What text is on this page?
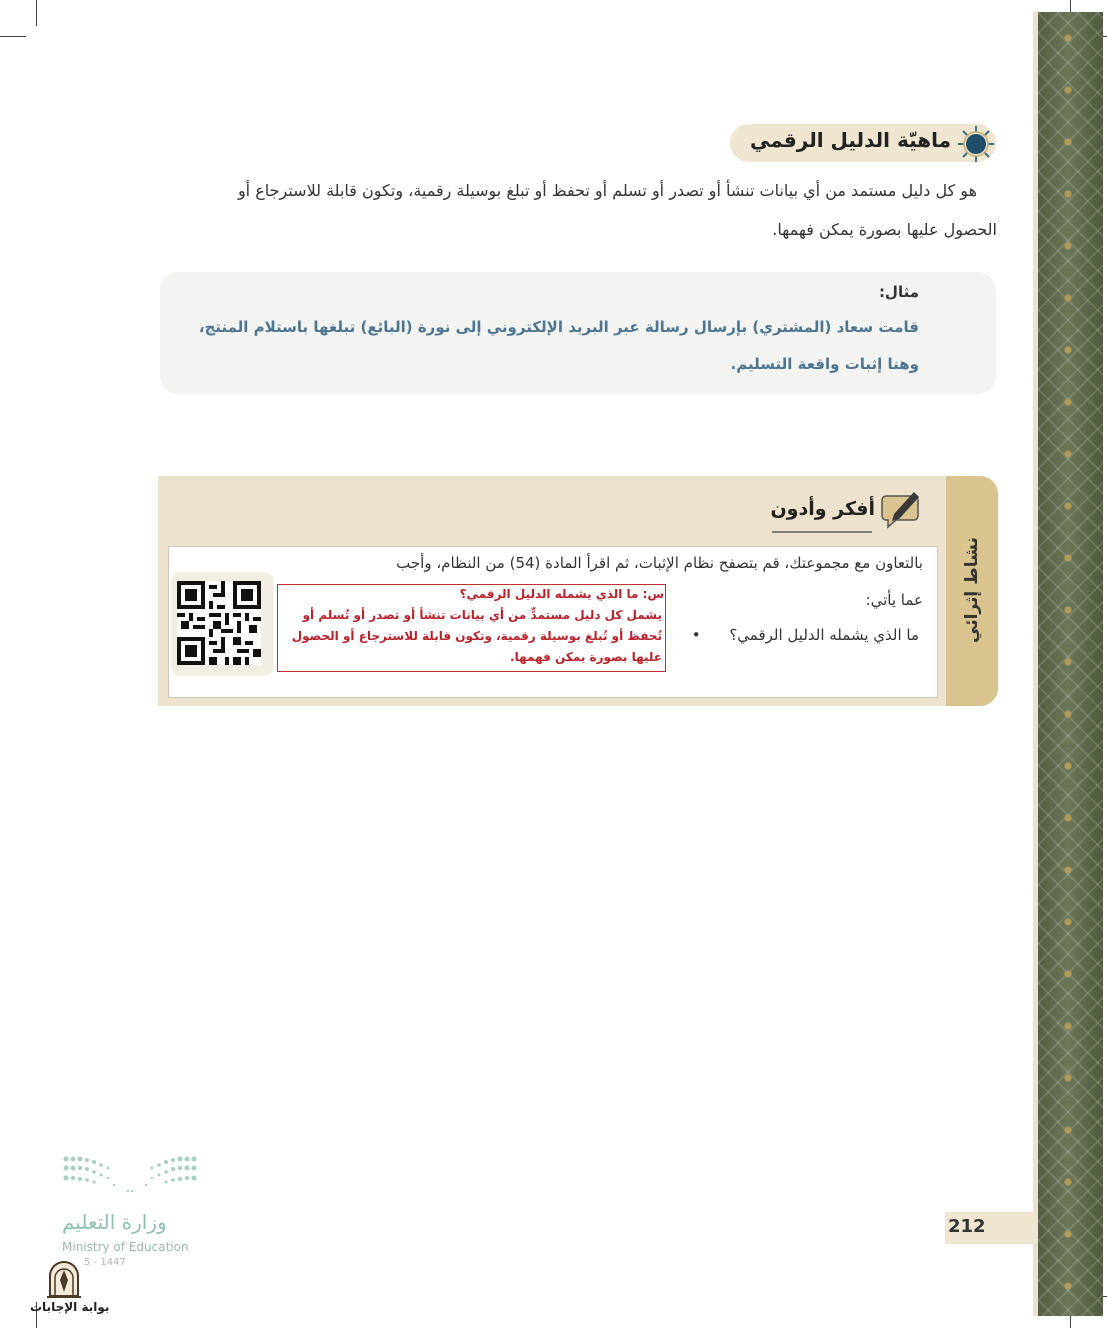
ماهيّة الدليل الرقمي
هو كل دليل مستمد من أي بيانات تنشأ أو تصدر أو تسلم أو تحفظ أو تبلغ بوسيلة رقمية، وتكون قابلة للاسترجاع أو
الحصول عليها بصورة يمكن فهمها.
مثال:
قامت سعاد (المشتري) بإرسال رسالة عبر البريد الإلكتروني إلى نورة (البائع) تبلغها باستلام المنتج،
وهنا إثبات واقعة التسليم.
نشاط إثرائي
أفكر وأدون
بالتعاون مع مجموعتك، قم بتصفح نظام الإثبات، ثم اقرأ المادة (54) من النظام، وأجب
عما يأتي:
ما الذي يشمله الدليل الرقمي؟ •
س: ما الذي يشمله الدليل الرقمي؟
يشمل كل دليل مستمدٍّ من أي بيانات تنشأ أو تصدر أو تُسلم أو تُحفظ أو تُبلغ بوسيلة رقمية، وتكون قابلة للاسترجاع أو الحصول عليها بصورة يمكن فهمها.
212
وزارة التعليم
Ministry of Education
5 - 1447
بوابة الإجابات
